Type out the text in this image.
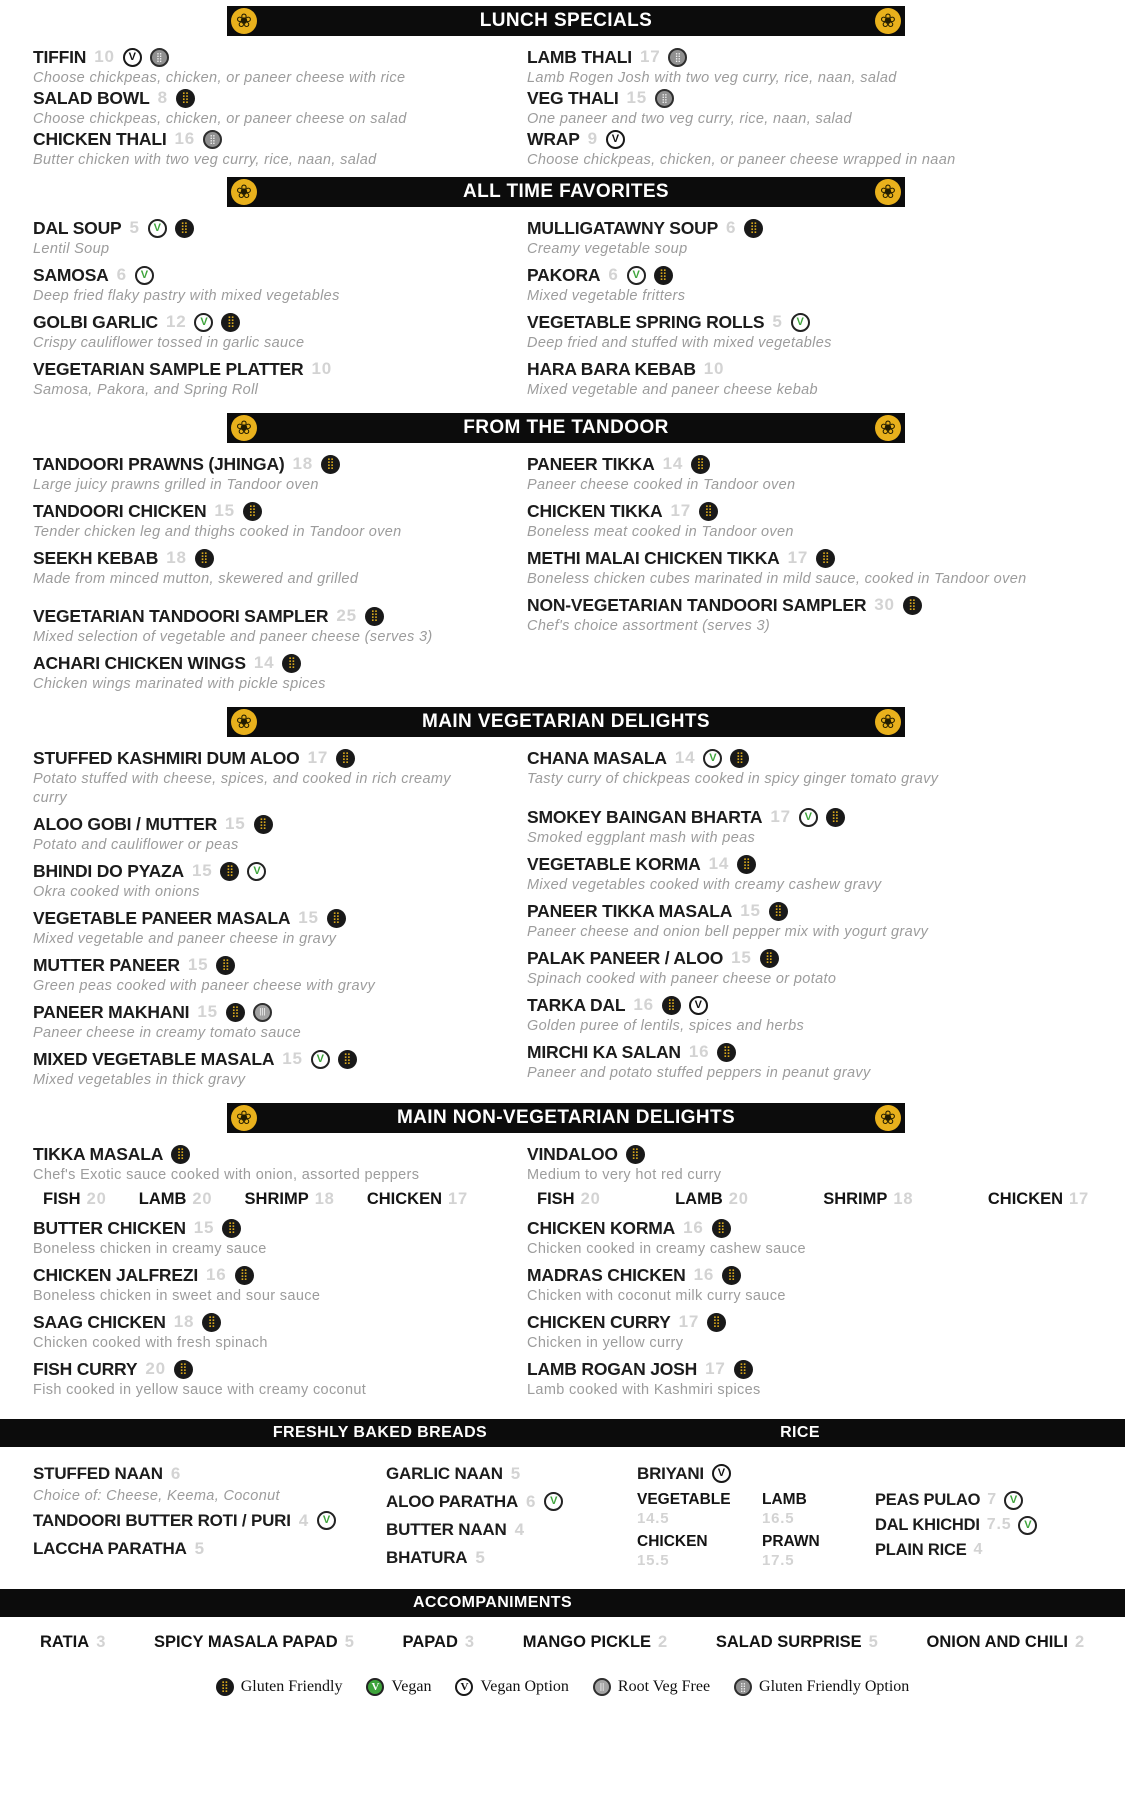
❀	LUNCH SPECIALS	❀
TIFFIN 10	V	⣿
Choose chickpeas, chicken, or paneer cheese with rice
SALAD BOWL 8	⣿
Choose chickpeas, chicken, or paneer cheese on salad
CHICKEN THALI 16	⣿
Butter chicken with two veg curry, rice, naan, salad
LAMB THALI 17	⣿
Lamb Rogen Josh with two veg curry, rice, naan, salad
VEG THALI 15	⣿
One paneer and two veg curry, rice, naan, salad
WRAP 9	V
Choose chickpeas, chicken, or paneer cheese wrapped in naan
❀	ALL TIME FAVORITES	❀
DAL SOUP 5	V	⣿
Lentil Soup
SAMOSA 6	V
Deep fried flaky pastry with mixed vegetables
GOLBI GARLIC 12	V	⣿
Crispy cauliflower tossed in garlic sauce
VEGETARIAN SAMPLE PLATTER 10
Samosa, Pakora, and Spring Roll
MULLIGATAWNY SOUP 6	⣿
Creamy vegetable soup
PAKORA 6	V	⣿
Mixed vegetable fritters
VEGETABLE SPRING ROLLS 5	V
Deep fried and stuffed with mixed vegetables
HARA BARA KEBAB 10
Mixed vegetable and paneer cheese kebab
❀	FROM THE TANDOOR	❀
TANDOORI PRAWNS (JHINGA) 18	⣿
Large juicy prawns grilled in Tandoor oven
TANDOORI CHICKEN 15	⣿
Tender chicken leg and thighs cooked in Tandoor oven
SEEKH KEBAB 18	⣿
Made from minced mutton, skewered and grilled
VEGETARIAN TANDOORI SAMPLER 25	⣿
Mixed selection of vegetable and paneer cheese (serves 3)
ACHARI CHICKEN WINGS 14	⣿
Chicken wings marinated with pickle spices
PANEER TIKKA 14	⣿
Paneer cheese cooked in Tandoor oven
CHICKEN TIKKA 17	⣿
Boneless meat cooked in Tandoor oven
METHI MALAI CHICKEN TIKKA 17	⣿
Boneless chicken cubes marinated in mild sauce, cooked in Tandoor oven
NON-VEGETARIAN TANDOORI SAMPLER 30	⣿
Chef's choice assortment (serves 3)
❀	MAIN VEGETARIAN DELIGHTS	❀
STUFFED KASHMIRI DUM ALOO 17	⣿
Potato stuffed with cheese, spices, and cooked in rich creamy curry
ALOO GOBI / MUTTER 15	⣿
Potato and cauliflower or peas
BHINDI DO PYAZA 15	⣿	V
Okra cooked with onions
VEGETABLE PANEER MASALA 15	⣿
Mixed vegetable and paneer cheese in gravy
MUTTER PANEER 15	⣿
Green peas cooked with paneer cheese with gravy
PANEER MAKHANI 15	⣿	|||
Paneer cheese in creamy tomato sauce
MIXED VEGETABLE MASALA 15	V	⣿
Mixed vegetables in thick gravy
CHANA MASALA 14	V	⣿
Tasty curry of chickpeas cooked in spicy ginger tomato gravy
SMOKEY BAINGAN BHARTA 17	V	⣿
Smoked eggplant mash with peas
VEGETABLE KORMA 14	⣿
Mixed vegetables cooked with creamy cashew gravy
PANEER TIKKA MASALA 15	⣿
Paneer cheese and onion bell pepper mix with yogurt gravy
PALAK PANEER / ALOO 15	⣿
Spinach cooked with paneer cheese or potato
TARKA DAL 16	⣿	V
Golden puree of lentils, spices and herbs
MIRCHI KA SALAN 16	⣿
Paneer and potato stuffed peppers in peanut gravy
❀	MAIN NON-VEGETARIAN DELIGHTS	❀
TIKKA MASALA	⣿
Chef's Exotic sauce cooked with onion, assorted peppers
FISH 20 LAMB 20 SHRIMP 18 CHICKEN 17
BUTTER CHICKEN 15	⣿
Boneless chicken in creamy sauce
CHICKEN JALFREZI 16	⣿
Boneless chicken in sweet and sour sauce
SAAG CHICKEN 18	⣿
Chicken cooked with fresh spinach
FISH CURRY 20	⣿
Fish cooked in yellow sauce with creamy coconut
VINDALOO	⣿
Medium to very hot red curry
FISH 20	LAMB 20	SHRIMP 18	CHICKEN 17
CHICKEN KORMA 16	⣿
Chicken cooked in creamy cashew sauce
MADRAS CHICKEN 16	⣿
Chicken with coconut milk curry sauce
CHICKEN CURRY 17	⣿
Chicken in yellow curry
LAMB ROGAN JOSH 17	⣿
Lamb cooked with Kashmiri spices
FRESHLY BAKED BREADS	RICE
STUFFED NAAN 6
Choice of: Cheese, Keema, Coconut
TANDOORI BUTTER ROTI / PURI 4	V
LACCHA PARATHA 5
GARLIC NAAN 5
ALOO PARATHA 6	V
BUTTER NAAN 4
BHATURA 5
BRIYANI	V
VEGETABLE
14.5
LAMB
16.5
CHICKEN
15.5
PRAWN
17.5
PEAS PULAO 7	V
DAL KHICHDI 7.5	V
PLAIN RICE 4
ACCOMPANIMENTS
RATIA 3	SPICY MASALA PAPAD 5	PAPAD 3	MANGO PICKLE 2	SALAD SURPRISE 5	ONION AND CHILI 2
⣿ Gluten Friendly	V Vegan	V Vegan Option	||| Root Veg Free	⣿ Gluten Friendly Option
